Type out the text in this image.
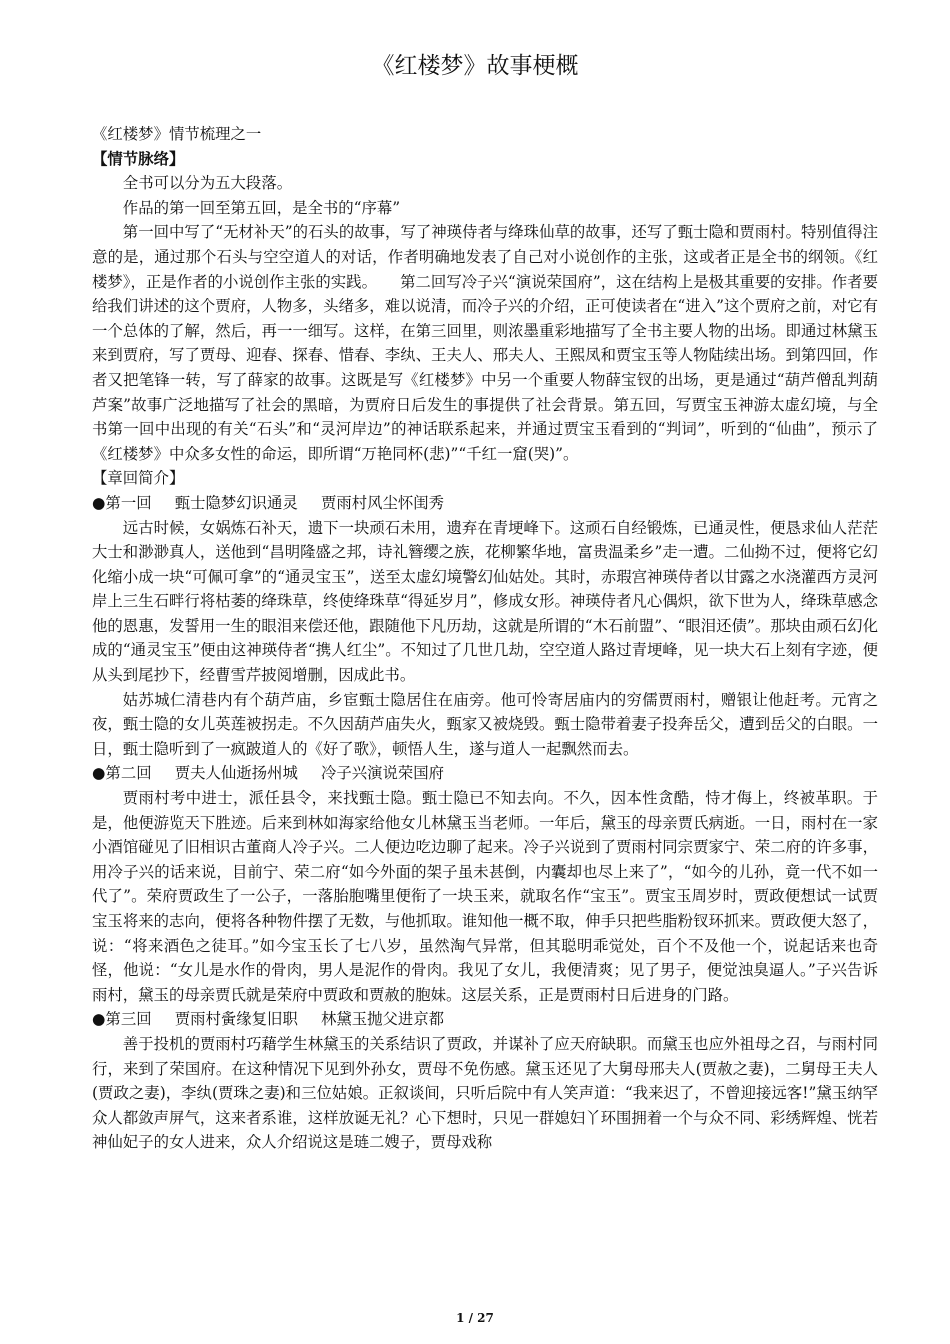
《红楼梦》故事梗概

《红楼梦》情节梳理之一

【情节脉络】

全书可以分为五大段落。

作品的第一回至第五回，是全书的“序幕”

第一回中写了“无材补天”的石头的故事，写了神瑛侍者与绛珠仙草的故事，还写了甄士隐和贾雨村。特别值得注意的是，通过那个石头与空空道人的对话，作者明确地发表了自己对小说创作的主张，这或者正是全书的纲领。《红楼梦》，正是作者的小说创作主张的实践。　　第二回写冷子兴“演说荣国府”，这在结构上是极其重要的安排。作者要给我们讲述的这个贾府，人物多，头绪多，难以说清，而冷子兴的介绍，正可使读者在“进入”这个贾府之前，对它有一个总体的了解，然后，再一一细写。这样，在第三回里，则浓墨重彩地描写了全书主要人物的出场。即通过林黛玉来到贾府，写了贾母、迎春、探春、惜春、李纨、王夫人、邢夫人、王熙凤和贾宝玉等人物陆续出场。到第四回，作者又把笔锋一转，写了薛家的故事。这既是写《红楼梦》中另一个重要人物薛宝钗的出场，更是通过“葫芦僧乱判葫芦案”故事广泛地描写了社会的黑暗，为贾府日后发生的事提供了社会背景。第五回，写贾宝玉神游太虚幻境，与全书第一回中出现的有关“石头”和“灵河岸边”的神话联系起来，并通过贾宝玉看到的“判词”，听到的“仙曲”，预示了《红楼梦》中众多女性的命运，即所谓“万艳同杯(悲)”“千红一窟(哭)”。

【章回简介】

●第一回 甄士隐梦幻识通灵 贾雨村风尘怀闺秀

远古时候，女娲炼石补天，遗下一块顽石未用，遗弃在青埂峰下。这顽石自经锻炼，已通灵性，便恳求仙人茫茫大士和渺渺真人，送他到“昌明隆盛之邦，诗礼簪缨之族，花柳繁华地，富贵温柔乡”走一遭。二仙拗不过，便将它幻化缩小成一块“可佩可拿”的“通灵宝玉”，送至太虚幻境警幻仙姑处。其时，赤瑕宫神瑛侍者以甘露之水浇灌西方灵河岸上三生石畔行将枯萎的绛珠草，终使绛珠草“得延岁月”，修成女形。神瑛侍者凡心偶炽，欲下世为人，绛珠草感念他的恩惠，发誓用一生的眼泪来偿还他，跟随他下凡历劫，这就是所谓的“木石前盟”、“眼泪还债”。那块由顽石幻化成的“通灵宝玉”便由这神瑛侍者“携人红尘”。不知过了几世几劫，空空道人路过青埂峰，见一块大石上刻有字迹，便从头到尾抄下，经曹雪芹披阅增删，因成此书。

姑苏城仁清巷内有个葫芦庙，乡宦甄士隐居住在庙旁。他可怜寄居庙内的穷儒贾雨村，赠银让他赶考。元宵之夜，甄士隐的女儿英莲被拐走。不久因葫芦庙失火，甄家又被烧毁。甄士隐带着妻子投奔岳父，遭到岳父的白眼。一日，甄士隐听到了一疯跛道人的《好了歌》，顿悟人生，遂与道人一起飘然而去。

●第二回 贾夫人仙逝扬州城 冷子兴演说荣国府

贾雨村考中进士，派任县令，来找甄士隐。甄士隐已不知去向。不久，因本性贪酷，恃才侮上，终被革职。于是，他便游览天下胜迹。后来到林如海家给他女儿林黛玉当老师。一年后，黛玉的母亲贾氏病逝。一日，雨村在一家小酒馆碰见了旧相识古董商人冷子兴。二人便边吃边聊了起来。冷子兴说到了贾雨村同宗贾家宁、荣二府的许多事，用冷子兴的话来说，目前宁、荣二府“如今外面的架子虽未甚倒，内囊却也尽上来了”，“如今的儿孙，竟一代不如一代了”。荣府贾政生了一公子，一落胎胞嘴里便衔了一块玉来，就取名作“宝玉”。贾宝玉周岁时，贾政便想试一试贾宝玉将来的志向，便将各种物件摆了无数，与他抓取。谁知他一概不取，伸手只把些脂粉钗环抓来。贾政便大怒了，说：“将来酒色之徒耳。”如今宝玉长了七八岁，虽然淘气异常，但其聪明乖觉处，百个不及他一个，说起话来也奇怪，他说：“女儿是水作的骨肉，男人是泥作的骨肉。我见了女儿，我便清爽；见了男子，便觉浊臭逼人。”子兴告诉雨村，黛玉的母亲贾氏就是荣府中贾政和贾赦的胞妹。这层关系，正是贾雨村日后进身的门路。

●第三回 贾雨村夤缘复旧职 林黛玉抛父进京都

善于投机的贾雨村巧藉学生林黛玉的关系结识了贾政，并谋补了应天府缺职。而黛玉也应外祖母之召，与雨村同行，来到了荣国府。在这种情况下见到外孙女，贾母不免伤感。黛玉还见了大舅母邢夫人(贾赦之妻)，二舅母王夫人(贾政之妻)，李纨(贾珠之妻)和三位姑娘。正叙谈间，只听后院中有人笑声道：“我来迟了，不曾迎接远客!”黛玉纳罕众人都敛声屏气，这来者系谁，这样放诞无礼？心下想时，只见一群媳妇丫环围拥着一个与众不同、彩绣辉煌、恍若神仙妃子的女人进来，众人介绍说这是琏二嫂子，贾母戏称

1 / 27
